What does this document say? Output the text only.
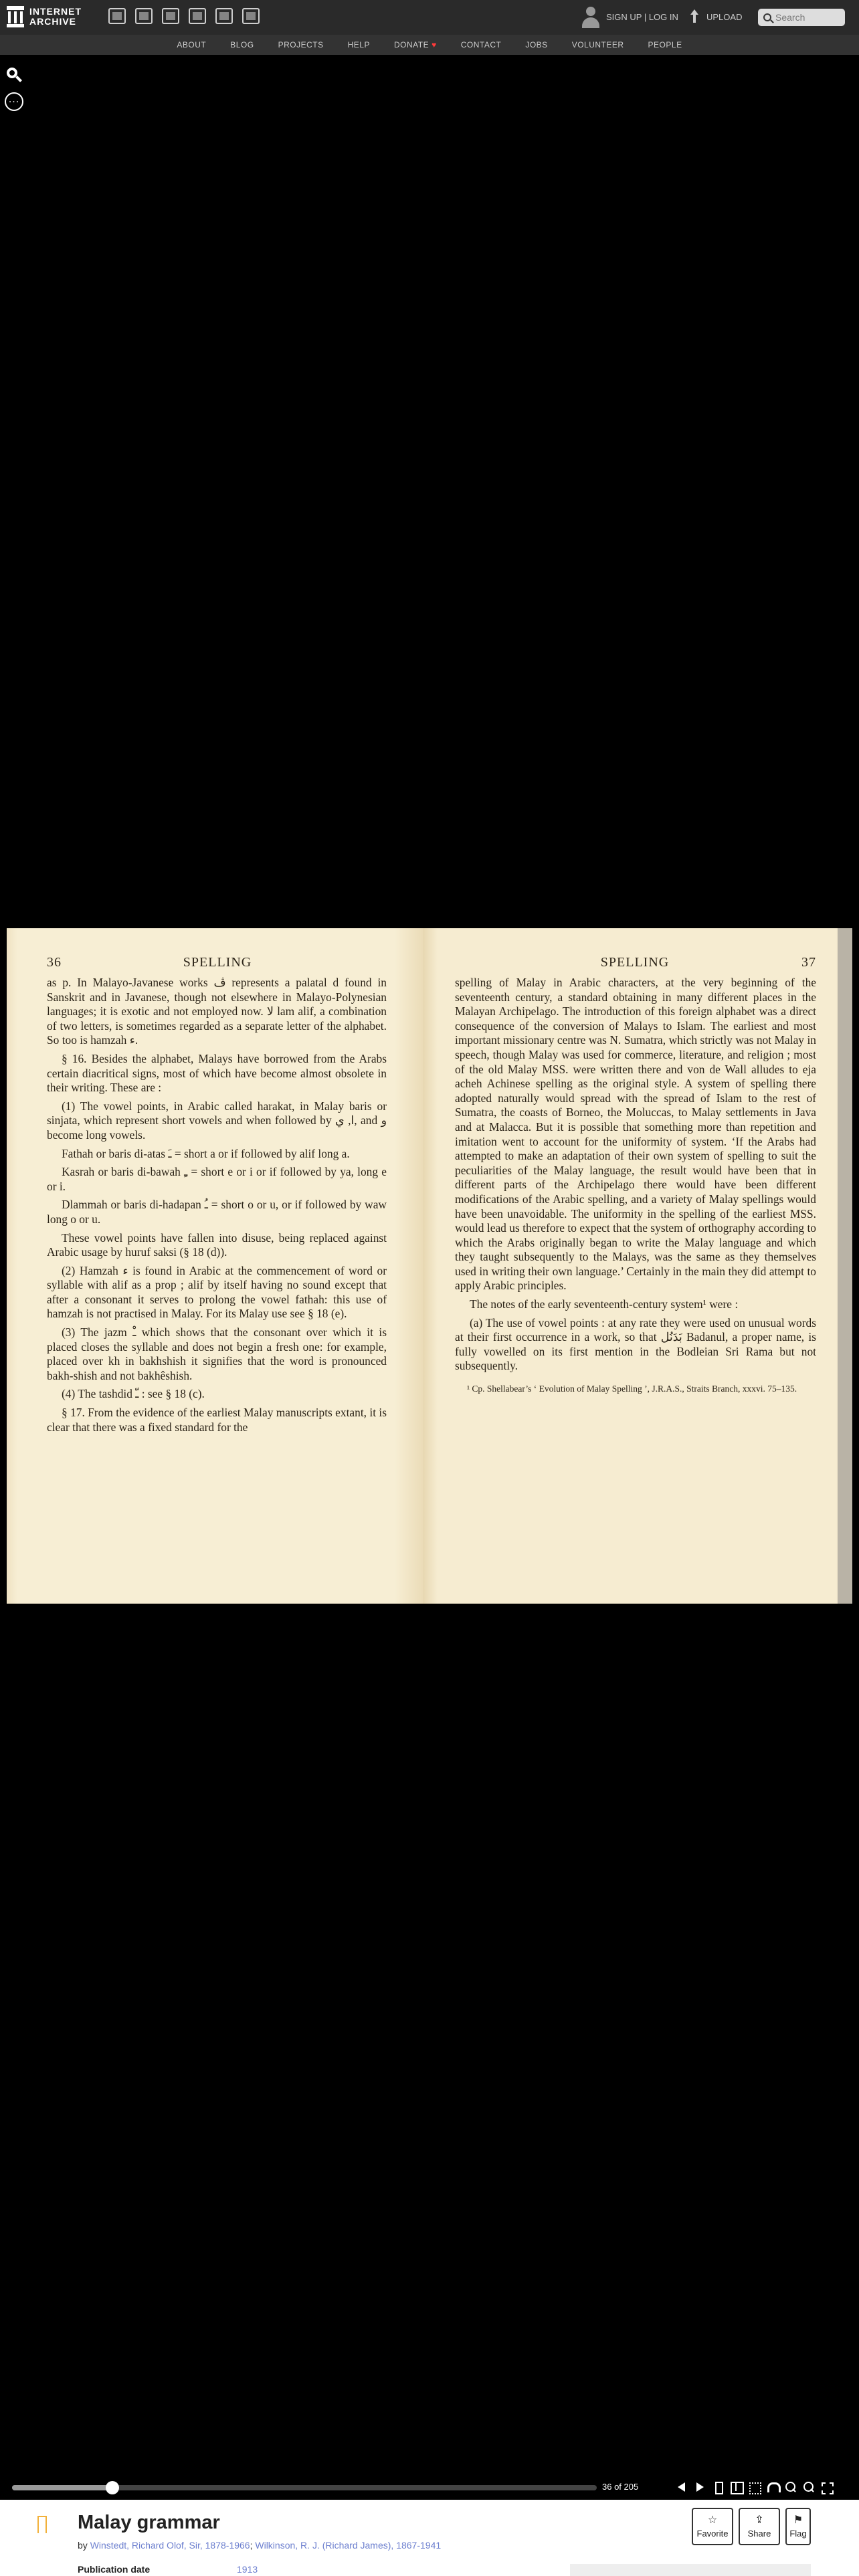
INTERNET
ARCHIVE	SIGN UP | LOG IN	UPLOAD	Search
ABOUT	BLOG	PROJECTS	HELP	DONATE ♥	CONTACT	JOBS	VOLUNTEER	PEOPLE
...
36	SPELLING

as p. In Malayo-Javanese works ڤ represents a palatal d found in Sanskrit and in Javanese, though not elsewhere in Malayo-Polynesian languages; it is exotic and not employed now. لا lam alif, a combination of two letters, is sometimes regarded as a separate letter of the alphabet. So too is hamzah ء.

§ 16. Besides the alphabet, Malays have borrowed from the Arabs certain diacritical signs, most of which have become almost obsolete in their writing. These are :

(1) The vowel points, in Arabic called harakat, in Malay baris or sinjata, which represent short vowels and when followed by ا, ي, and و become long vowels.

Fathah or baris di-atas ـَ = short a or if followed by alif long a.

Kasrah or baris di-bawah ـِ = short e or i or if followed by ya, long e or i.

Dlammah or baris di-hadapan ـُ = short o or u, or if followed by waw long o or u.

These vowel points have fallen into disuse, being replaced against Arabic usage by huruf saksi (§ 18 (d)).

(2) Hamzah ء is found in Arabic at the commencement of word or syllable with alif as a prop ; alif by itself having no sound except that after a consonant it serves to prolong the vowel fathah: this use of hamzah is not practised in Malay. For its Malay use see § 18 (e).

(3) The jazm ـْ which shows that the consonant over which it is placed closes the syllable and does not begin a fresh one: for example, placed over kh in bakhshish it signifies that the word is pronounced bakh-shish and not bakhêshish.

(4) The tashdid ـّ : see § 18 (c).

§ 17. From the evidence of the earliest Malay manuscripts extant, it is clear that there was a fixed standard for the

SPELLING	37

spelling of Malay in Arabic characters, at the very beginning of the seventeenth century, a standard obtaining in many different places in the Malayan Archipelago. The introduction of this foreign alphabet was a direct consequence of the conversion of Malays to Islam. The earliest and most important missionary centre was N. Sumatra, which strictly was not Malay in speech, though Malay was used for commerce, literature, and religion ; most of the old Malay MSS. were written there and von de Wall alludes to eja acheh Achinese spelling as the original style. A system of spelling there adopted naturally would spread with the spread of Islam to the rest of Sumatra, the coasts of Borneo, the Moluccas, to Malay settlements in Java and at Malacca. But it is possible that something more than repetition and imitation went to account for the uniformity of system. ‘If the Arabs had attempted to make an adaptation of their own system of spelling to suit the peculiarities of the Malay language, the result would have been that in different parts of the Archipelago there would have been different modifications of the Arabic spelling, and a variety of Malay spellings would have been unavoidable. The uniformity in the spelling of the earliest MSS. would lead us therefore to expect that the system of orthography according to which the Arabs originally began to write the Malay language and which they taught subsequently to the Malays, was the same as they themselves used in writing their own language.’ Certainly in the main they did attempt to apply Arabic principles.

The notes of the early seventeenth-century system¹ were :

(a) The use of vowel points : at any rate they were used on unusual words at their first occurrence in a work, so that بَدَنُل Badanul, a proper name, is fully vowelled on its first mention in the Bodleian Sri Rama but not subsequently.

¹ Cp. Shellabear’s ‘ Evolution of Malay Spelling ’, J.R.A.S., Straits Branch, xxxvi. 75–135.

36 of 205
Malay grammar
by Winstedt, Richard Olof, Sir, 1878-1966; Wilkinson, R. J. (Richard James), 1867-1941
☆
Favorite
⇪
Share
⚑
Flag
Publication date	1913
